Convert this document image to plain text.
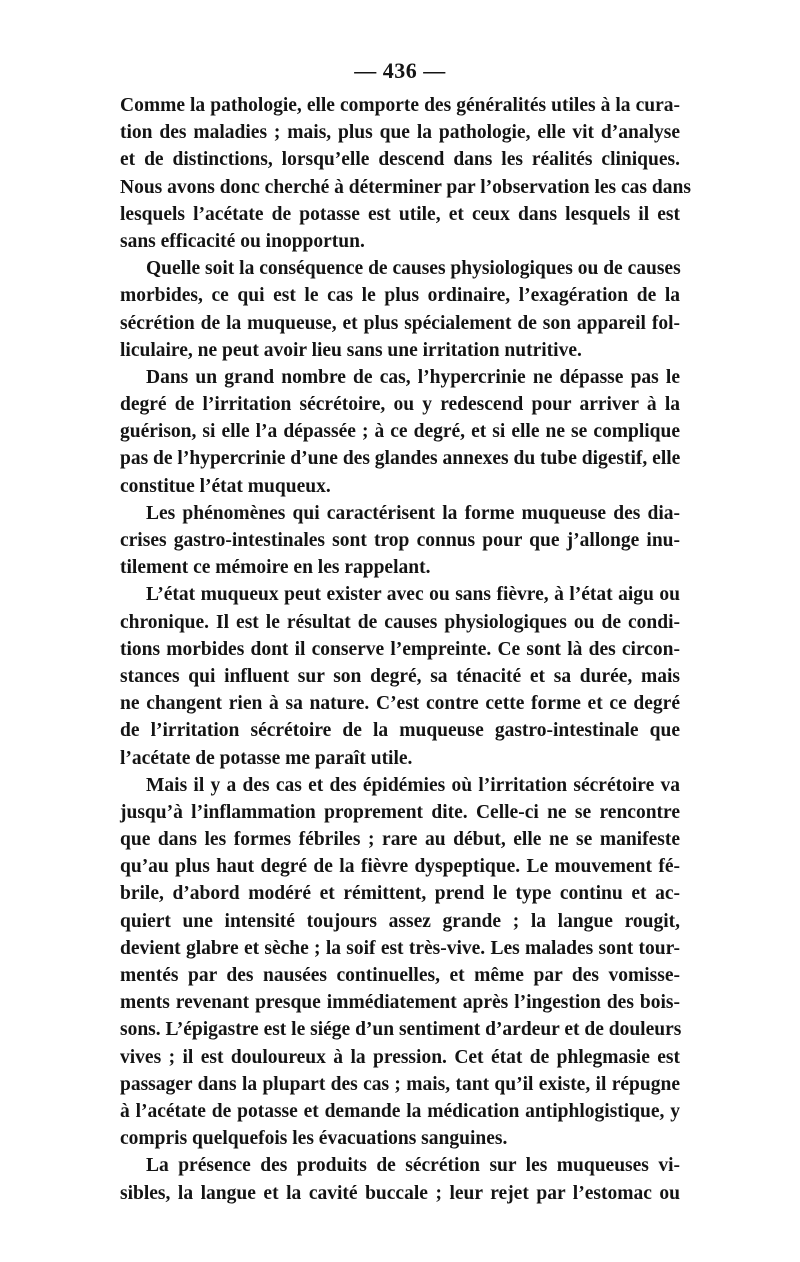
— 436 —
Comme la pathologie, elle comporte des généralités utiles à la cura-
tion des maladies ; mais, plus que la pathologie, elle vit d’analyse
et de distinctions, lorsqu’elle descend dans les réalités cliniques.
Nous avons donc cherché à déterminer par l’observation les cas dans
lesquels l’acétate de potasse est utile, et ceux dans lesquels il est
sans efficacité ou inopportun.
Quelle soit la conséquence de causes physiologiques ou de causes
morbides, ce qui est le cas le plus ordinaire, l’exagération de la
sécrétion de la muqueuse, et plus spécialement de son appareil fol-
liculaire, ne peut avoir lieu sans une irritation nutritive.
Dans un grand nombre de cas, l’hypercrinie ne dépasse pas le
degré de l’irritation sécrétoire, ou y redescend pour arriver à la
guérison, si elle l’a dépassée ; à ce degré, et si elle ne se complique
pas de l’hypercrinie d’une des glandes annexes du tube digestif, elle
constitue l’état muqueux.
Les phénomènes qui caractérisent la forme muqueuse des dia-
crises gastro-intestinales sont trop connus pour que j’allonge inu-
tilement ce mémoire en les rappelant.
L’état muqueux peut exister avec ou sans fièvre, à l’état aigu ou
chronique. Il est le résultat de causes physiologiques ou de condi-
tions morbides dont il conserve l’empreinte. Ce sont là des circon-
stances qui influent sur son degré, sa ténacité et sa durée, mais
ne changent rien à sa nature. C’est contre cette forme et ce degré
de l’irritation sécrétoire de la muqueuse gastro-intestinale que
l’acétate de potasse me paraît utile.
Mais il y a des cas et des épidémies où l’irritation sécrétoire va
jusqu’à l’inflammation proprement dite. Celle-ci ne se rencontre
que dans les formes fébriles ; rare au début, elle ne se manifeste
qu’au plus haut degré de la fièvre dyspeptique. Le mouvement fé-
brile, d’abord modéré et rémittent, prend le type continu et ac-
quiert une intensité toujours assez grande ; la langue rougit,
devient glabre et sèche ; la soif est très-vive. Les malades sont tour-
mentés par des nausées continuelles, et même par des vomisse-
ments revenant presque immédiatement après l’ingestion des bois-
sons. L’épigastre est le siége d’un sentiment d’ardeur et de douleurs
vives ; il est douloureux à la pression. Cet état de phlegmasie est
passager dans la plupart des cas ; mais, tant qu’il existe, il répugne
à l’acétate de potasse et demande la médication antiphlogistique, y
compris quelquefois les évacuations sanguines.
La présence des produits de sécrétion sur les muqueuses vi-
sibles, la langue et la cavité buccale ; leur rejet par l’estomac ou
